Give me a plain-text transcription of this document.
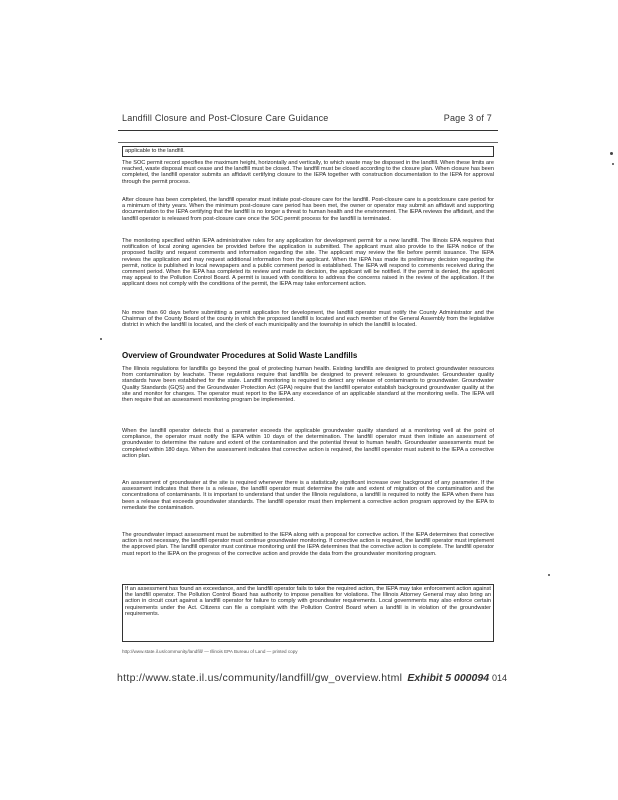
Landfill Closure and Post-Closure Care Guidance	Page 3 of 7
applicable to the landfill.
The SOC permit record specifies the maximum height, horizontally and vertically, to which waste may be disposed in the landfill. When these limits are reached, waste disposal must cease and the landfill must be closed. The landfill must be closed according to the closure plan. When closure has been completed, the landfill operator submits an affidavit certifying closure to the IEPA together with construction documentation to the IEPA for approval through the permit process.
After closure has been completed, the landfill operator must initiate post-closure care for the landfill. Post-closure care is a postclosure care period for a minimum of thirty years. When the minimum post-closure care period has been met, the owner or operator may submit an affidavit and supporting documentation to the IEPA certifying that the landfill is no longer a threat to human health and the environment. The IEPA reviews the affidavit, and the landfill operator is released from post-closure care once the SOC permit process for the landfill is terminated.
The monitoring specified within IEPA administrative rules for any application for development permit for a new landfill. The Illinois EPA requires that notification of local zoning agencies be provided before the application is submitted. The applicant must also provide to the IEPA notice of the proposed facility and request comments and information regarding the site. The applicant may review the file before permit issuance. The IEPA reviews the application and may request additional information from the applicant. When the IEPA has made its preliminary decision regarding the permit, notice is published in local newspapers and a public comment period is established. The IEPA will respond to comments received during the comment period. When the IEPA has completed its review and made its decision, the applicant will be notified. If the permit is denied, the applicant may appeal to the Pollution Control Board. A permit is issued with conditions to address the concerns raised in the review of the application. If the applicant does not comply with the conditions of the permit, the IEPA may take enforcement action.
No more than 60 days before submitting a permit application for development, the landfill operator must notify the County Administrator and the Chairman of the County Board of the county in which the proposed landfill is located and each member of the General Assembly from the legislative district in which the landfill is located, and the clerk of each municipality and the township in which the landfill is located.
Overview of Groundwater Procedures at Solid Waste Landfills
The Illinois regulations for landfills go beyond the goal of protecting human health. Existing landfills are designed to protect groundwater resources from contamination by leachate. These regulations require that landfills be designed to prevent releases to groundwater. Groundwater quality standards have been established for the state. Landfill monitoring is required to detect any release of contaminants to groundwater. Groundwater Quality Standards (GQS) and the Groundwater Protection Act (GPA) require that the landfill operator establish background groundwater quality at the site and monitor for changes. The operator must report to the IEPA any exceedance of an applicable standard at the monitoring wells. The IEPA will then require that an assessment monitoring program be implemented.
When the landfill operator detects that a parameter exceeds the applicable groundwater quality standard at a monitoring well at the point of compliance, the operator must notify the IEPA within 10 days of the determination. The landfill operator must then initiate an assessment of groundwater to determine the nature and extent of the contamination and the potential threat to human health. Groundwater assessments must be completed within 180 days. When the assessment indicates that corrective action is required, the landfill operator must submit to the IEPA a corrective action plan.
An assessment of groundwater at the site is required whenever there is a statistically significant increase over background of any parameter. If the assessment indicates that there is a release, the landfill operator must determine the rate and extent of migration of the contamination and the concentrations of contaminants. It is important to understand that under the Illinois regulations, a landfill is required to notify the IEPA when there has been a release that exceeds groundwater standards. The landfill operator must then implement a corrective action program approved by the IEPA to remediate the contamination.
The groundwater impact assessment must be submitted to the IEPA along with a proposal for corrective action. If the IEPA determines that corrective action is not necessary, the landfill operator must continue groundwater monitoring. If corrective action is required, the landfill operator must implement the approved plan. The landfill operator must continue monitoring until the IEPA determines that the corrective action is complete. The landfill operator must report to the IEPA on the progress of the corrective action and provide the data from the groundwater monitoring program.
If an assessment has found an exceedance, and the landfill operator fails to take the required action, the IEPA may take enforcement action against the landfill operator. The Pollution Control Board has authority to impose penalties for violations. The Illinois Attorney General may also bring an action in circuit court against a landfill operator for failure to comply with groundwater requirements. Local governments may also enforce certain requirements under the Act. Citizens can file a complaint with the Pollution Control Board when a landfill is in violation of the groundwater requirements.
http://www.state.il.us/community/landfill/ — Illinois EPA Bureau of Land — printed copy
http://www.state.il.us/community/landfill/gw_overview.html Exhibit 5 000094 014
